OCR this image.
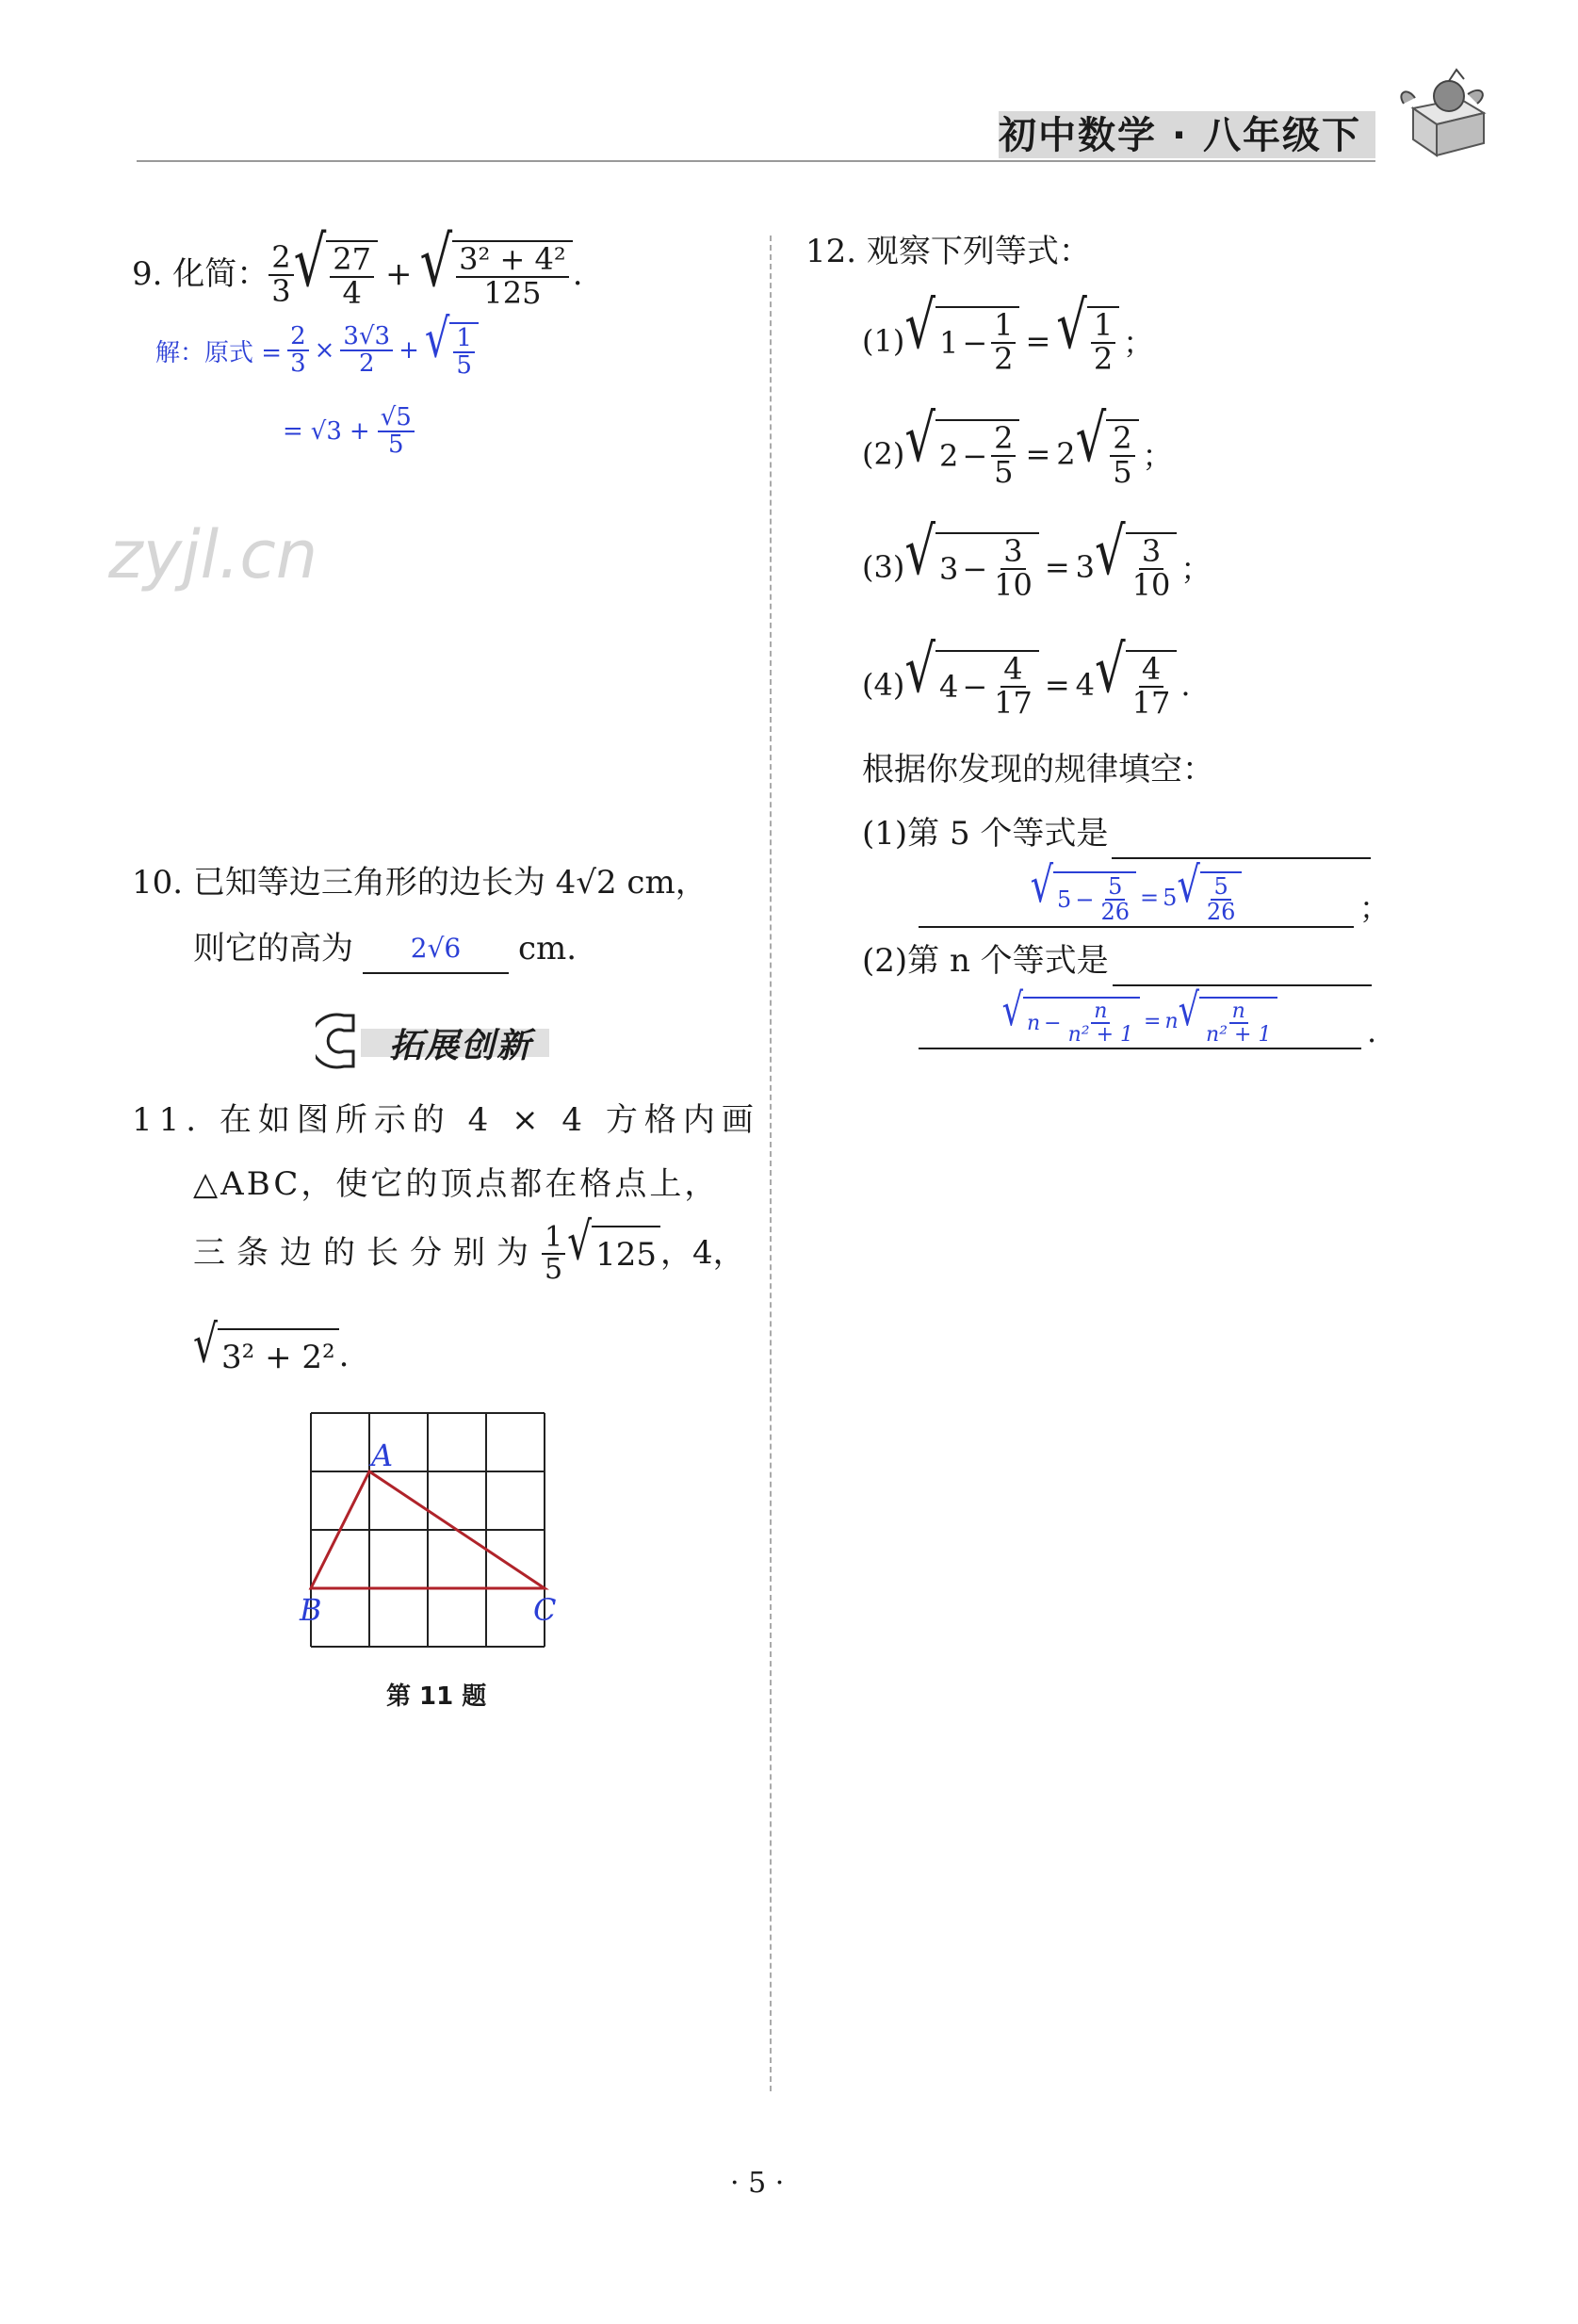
初中数学 · 八年级下
zyjl.cn
9. 化简： $\frac{2}{3}$ √ $\frac{27}{4}$ + √ $\frac{\text{3² + 4²}}{125}$ .
解：原式 = $\frac{2}{3} \times \frac{3√3}{2}$ + √ $\frac{1}{5}$
= $√3 + \frac{√5}{5}$
10. 已知等边三角形的边长为 4√2 cm，
则它的高为	2√6	cm.
拓展创新
11. 在如图所示的 4 × 4 方格内画
△ABC，使它的顶点都在格点上，
三条边的长分别为 $\frac{1}{5}$ √ 125 ，4，
√ 3² + 2² .
A
B	C
第 11 题
12. 观察下列等式：
(1) √ $1 - \frac{1}{2}$ = √ $\frac{1}{2}$ ；
(2) √ $2 - \frac{2}{5} = 2$ √ $\frac{2}{5}$ ；
(3) √ $3 - \frac{3}{10} = 3$ √ $\frac{3}{10}$ ；
(4) √ $4 - \frac{4}{17} = 4$ √ $\frac{4}{17}$ .
根据你发现的规律填空：
(1)第 5 个等式是
√ $5 - \frac{5}{26} = 5$ √ $\frac{5}{26}$	；
(2)第 n 个等式是
√ $n - \frac{n}{\text{n² + 1}} = n$ √ $\frac{n}{\text{n² + 1}}$	.
· 5 ·
